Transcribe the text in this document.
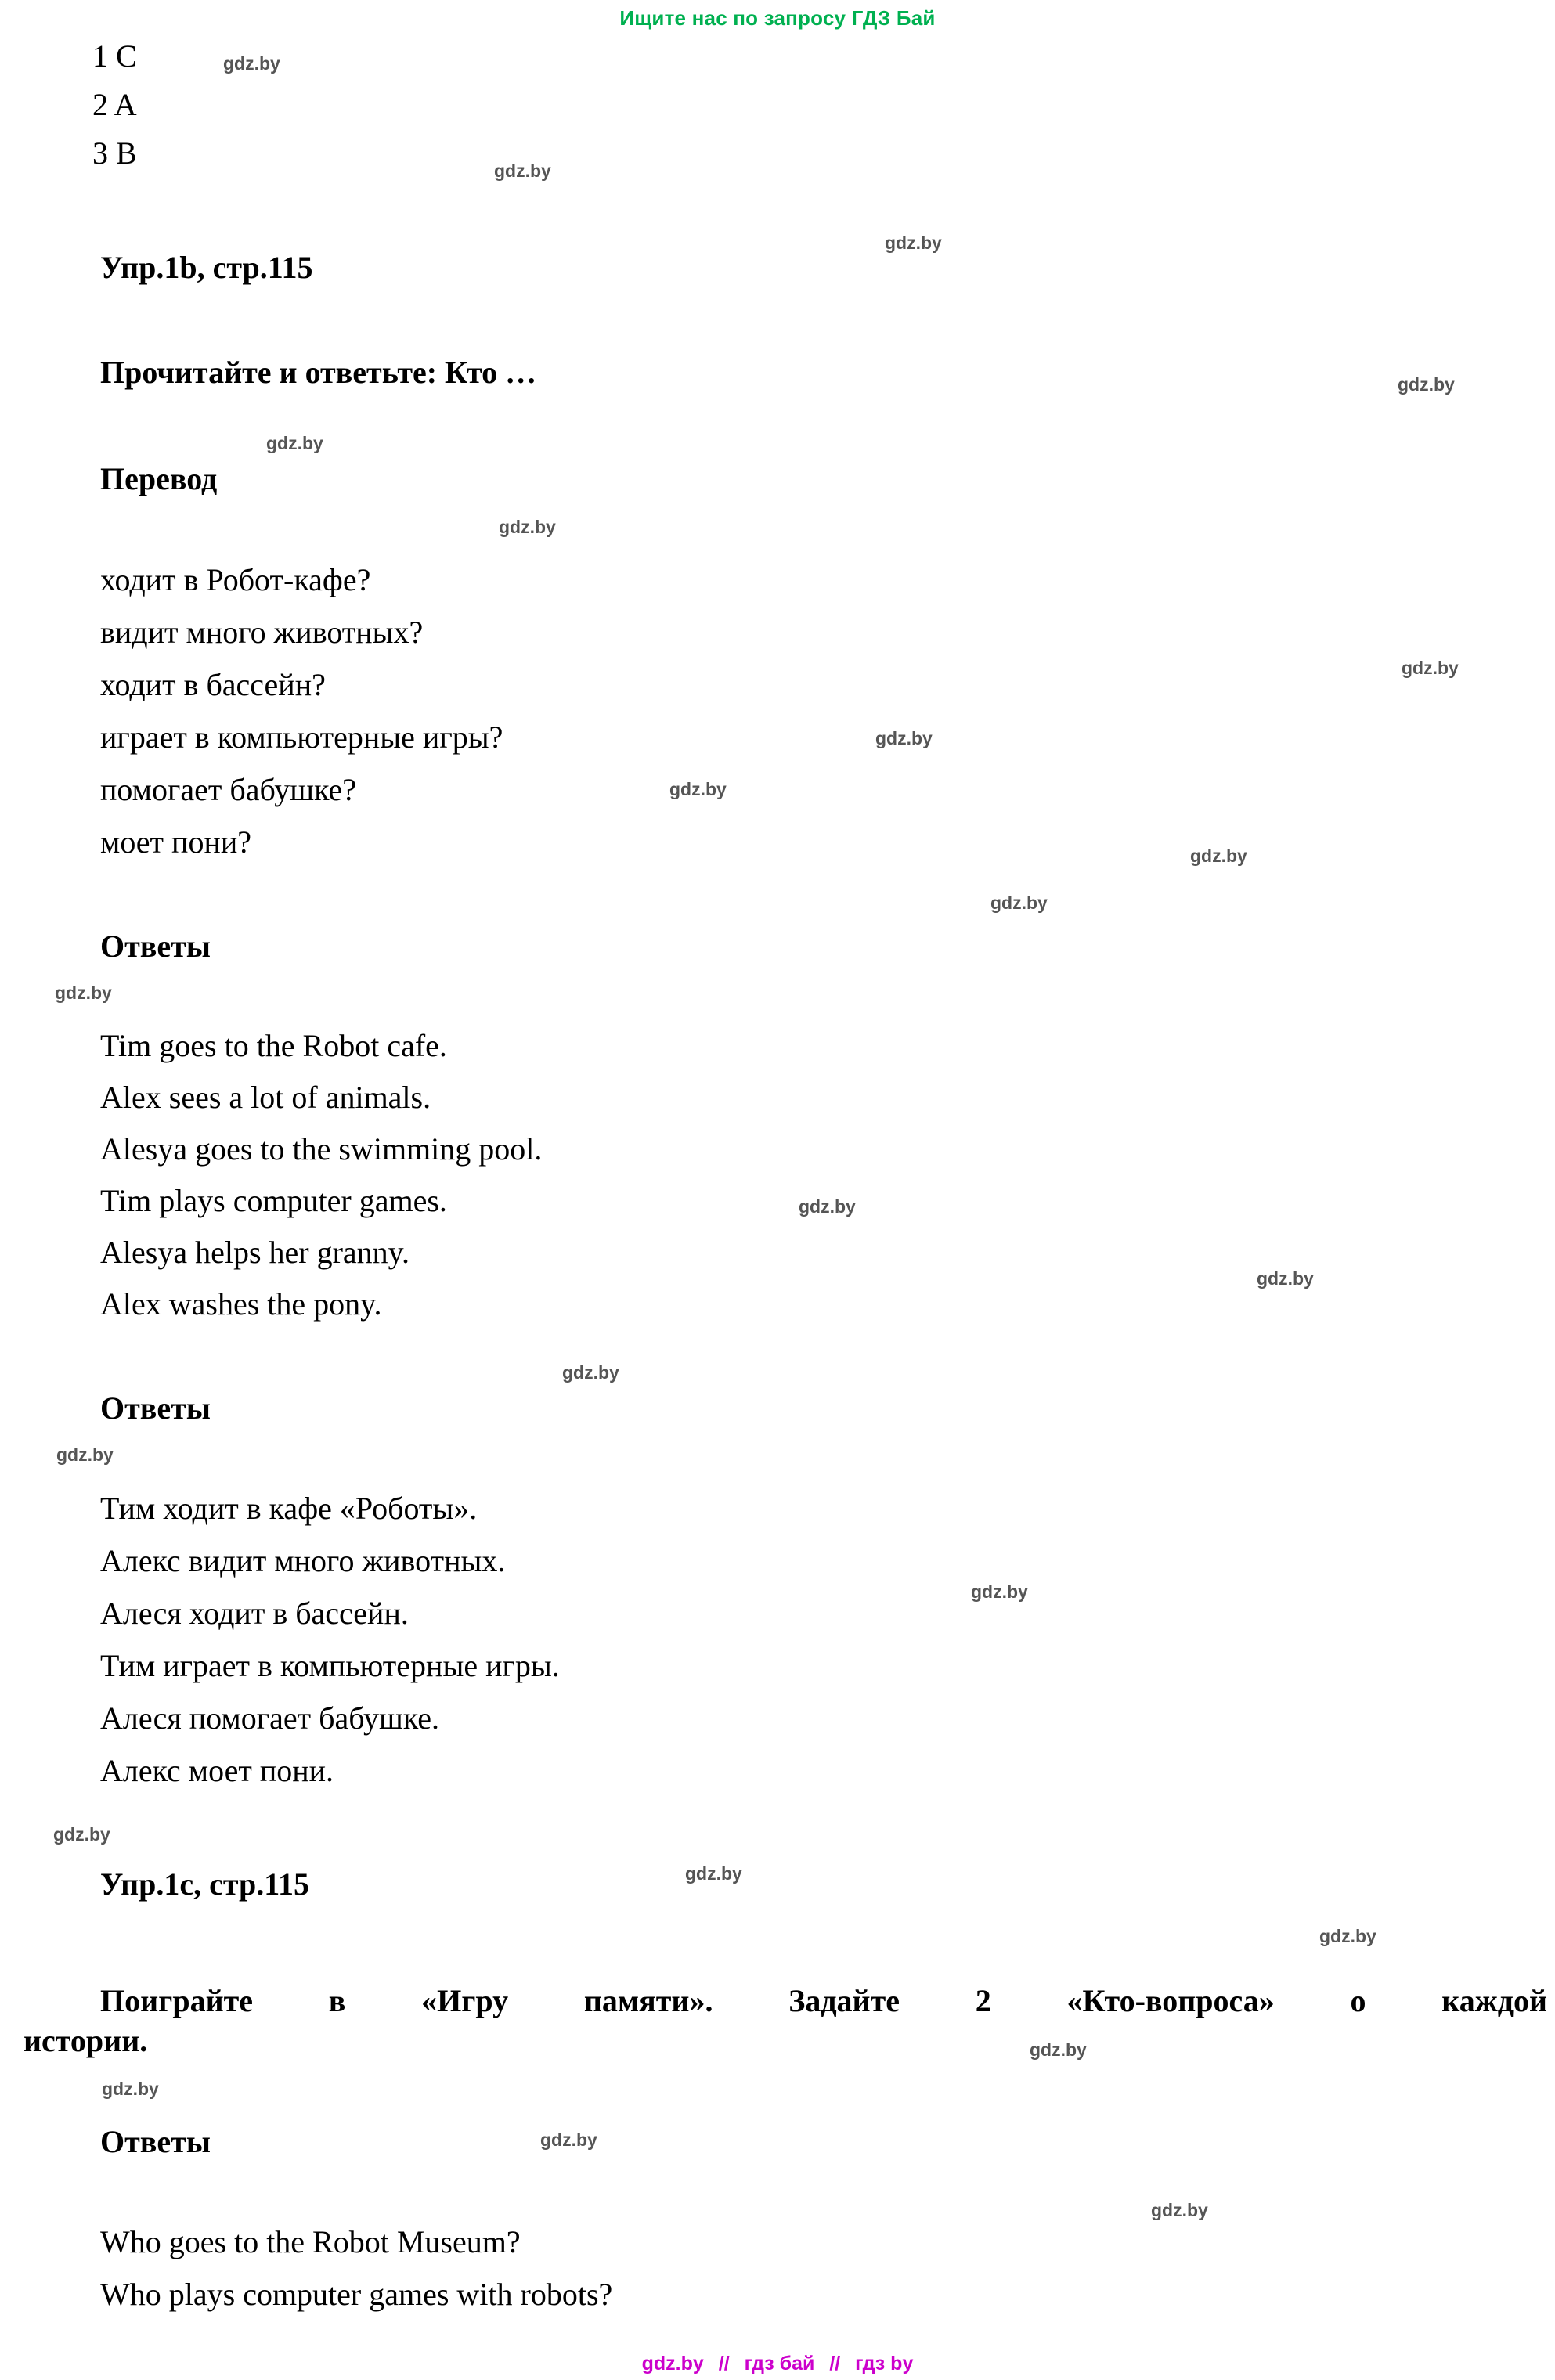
Ищите нас по запросу ГДЗ Бай
gdz.by
gdz.by
gdz.by
gdz.by
gdz.by
gdz.by
gdz.by
gdz.by
gdz.by
gdz.by
gdz.by
gdz.by
gdz.by
gdz.by
gdz.by
gdz.by
gdz.by
gdz.by
gdz.by
gdz.by
gdz.by
gdz.by
gdz.by
gdz.by
1 C
2 A
3 B
Упр.1b, стр.115
Прочитайте и ответьте: Кто …
Перевод
ходит в Робот-кафе?
видит много животных?
ходит в бассейн?
играет в компьютерные игры?
помогает бабушке?
моет пони?
Ответы
Tim goes to the Robot cafe.
Alex sees a lot of animals.
Alesya goes to the swimming pool.
Tim plays computer games.
Alesya helps her granny.
Alex washes the pony.
Ответы
Тим ходит в кафе «Роботы».
Алекс видит много животных.
Алеся ходит в бассейн.
Тим играет в компьютерные игры.
Алеся помогает бабушке.
Алекс моет пони.
Упр.1c, стр.115
Поиграйте в «Игру памяти». Задайте 2 «Кто-вопроса» о каждой
истории.
Ответы
Who goes to the Robot Museum?
Who plays computer games with robots?
gdz.by // гдз бай // гдз by
